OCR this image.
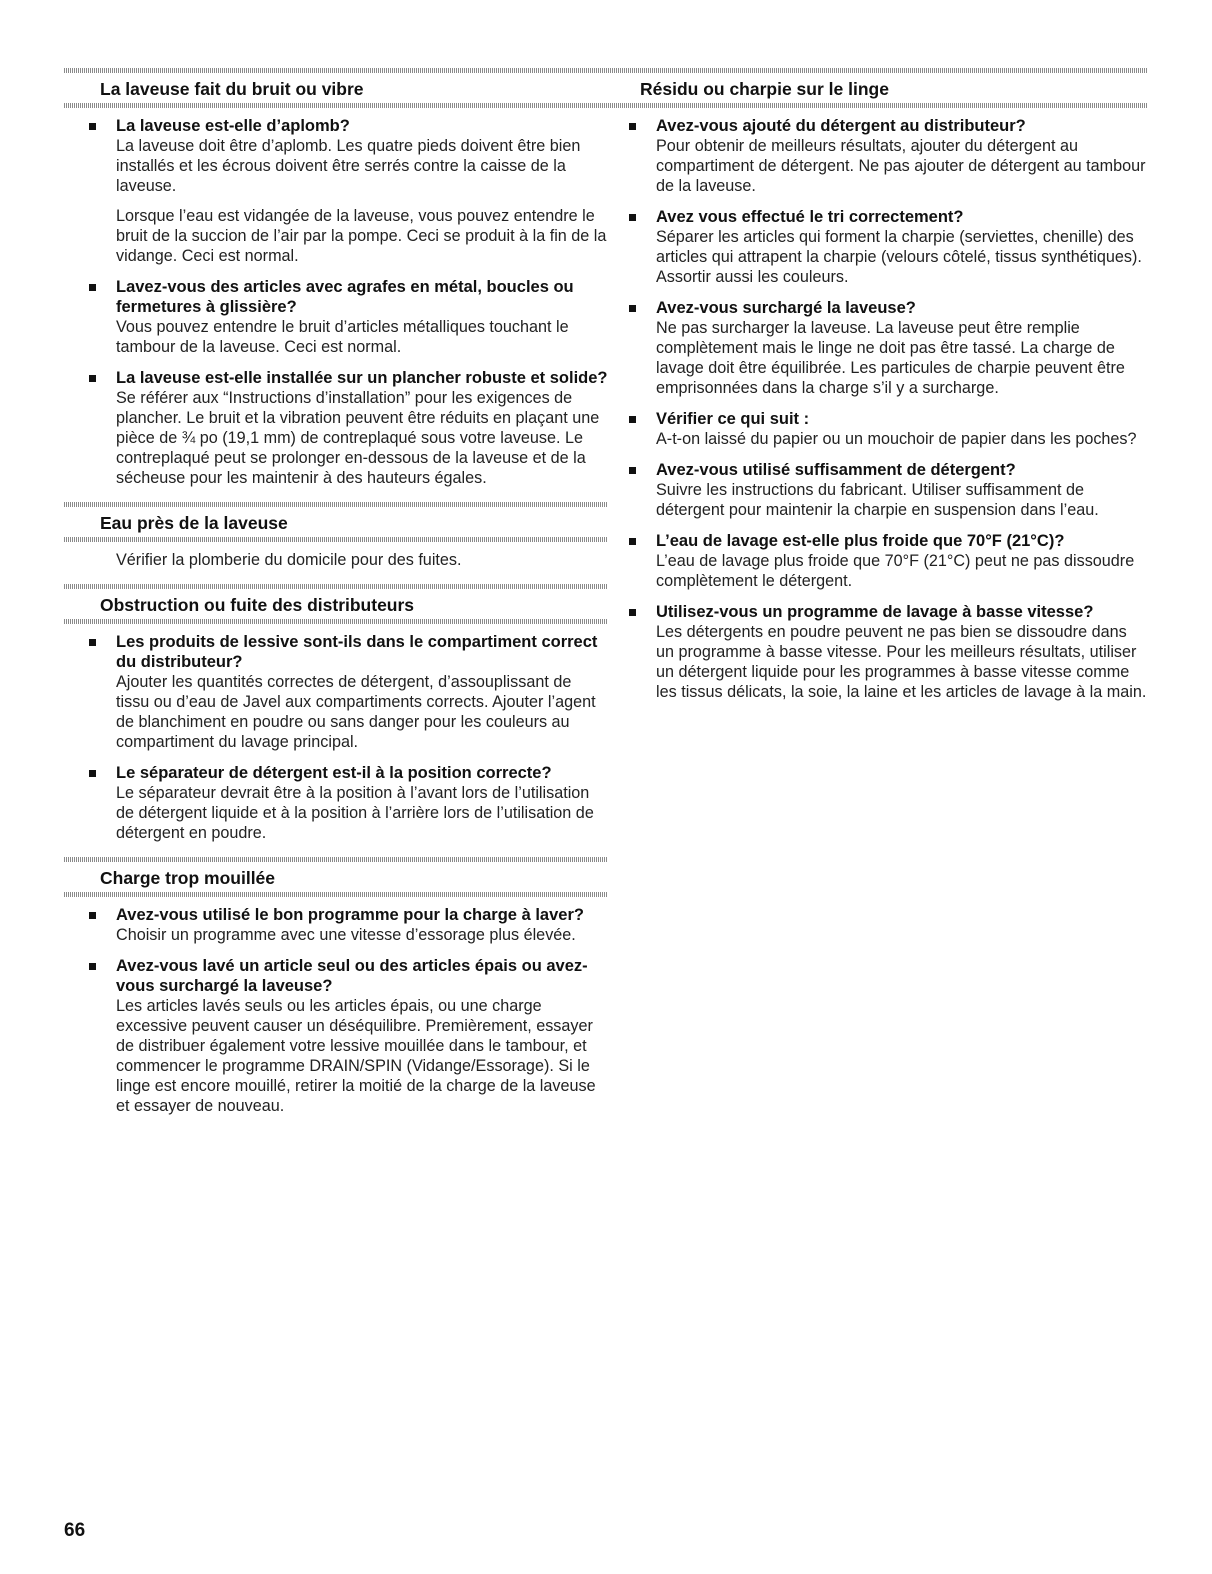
La laveuse fait du bruit ou vibre

La laveuse est-elle d’aplomb?

La laveuse doit être d’aplomb. Les quatre pieds doivent être bien installés et les écrous doivent être serrés contre la caisse de la laveuse.

Lorsque l’eau est vidangée de la laveuse, vous pouvez entendre le bruit de la succion de l’air par la pompe. Ceci se produit à la fin de la vidange. Ceci est normal.

Lavez-vous des articles avec agrafes en métal, boucles ou fermetures à glissière?

Vous pouvez entendre le bruit d’articles métalliques touchant le tambour de la laveuse. Ceci est normal.

La laveuse est-elle installée sur un plancher robuste et solide?

Se référer aux “Instructions d’installation” pour les exigences de plancher. Le bruit et la vibration peuvent être réduits en plaçant une pièce de ¾ po (19,1 mm) de contreplaqué sous votre laveuse. Le contreplaqué peut se prolonger en-dessous de la laveuse et de la sécheuse pour les maintenir à des hauteurs égales.

Eau près de la laveuse

Vérifier la plomberie du domicile pour des fuites.

Obstruction ou fuite des distributeurs

Les produits de lessive sont-ils dans le compartiment correct du distributeur?

Ajouter les quantités correctes de détergent, d’assouplissant de tissu ou d’eau de Javel aux compartiments corrects. Ajouter l’agent de blanchiment en poudre ou sans danger pour les couleurs au compartiment du lavage principal.

Le séparateur de détergent est-il à la position correcte?

Le séparateur devrait être à la position à l’avant lors de l’utilisation de détergent liquide et à la position à l’arrière lors de l’utilisation de détergent en poudre.

Charge trop mouillée

Avez-vous utilisé le bon programme pour la charge à laver?

Choisir un programme avec une vitesse d’essorage plus élevée.

Avez-vous lavé un article seul ou des articles épais ou avez-vous surchargé la laveuse?

Les articles lavés seuls ou les articles épais, ou une charge excessive peuvent causer un déséquilibre. Premièrement, essayer de distribuer également votre lessive mouillée dans le tambour, et commencer le programme DRAIN/SPIN (Vidange/Essorage). Si le linge est encore mouillé, retirer la moitié de la charge de la laveuse et essayer de nouveau.

Résidu ou charpie sur le linge

Avez-vous ajouté du détergent au distributeur?

Pour obtenir de meilleurs résultats, ajouter du détergent au compartiment de détergent. Ne pas ajouter de détergent au tambour de la laveuse.

Avez vous effectué le tri correctement?

Séparer les articles qui forment la charpie (serviettes, chenille) des articles qui attrapent la charpie (velours côtelé, tissus synthétiques). Assortir aussi les couleurs.

Avez-vous surchargé la laveuse?

Ne pas surcharger la laveuse. La laveuse peut être remplie complètement mais le linge ne doit pas être tassé. La charge de lavage doit être équilibrée. Les particules de charpie peuvent être emprisonnées dans la charge s’il y a surcharge.

Vérifier ce qui suit :

A-t-on laissé du papier ou un mouchoir de papier dans les poches?

Avez-vous utilisé suffisamment de détergent?

Suivre les instructions du fabricant. Utiliser suffisamment de détergent pour maintenir la charpie en suspension dans l’eau.

L’eau de lavage est-elle plus froide que 70°F (21°C)?

L’eau de lavage plus froide que 70°F (21°C) peut ne pas dissoudre complètement le détergent.

Utilisez-vous un programme de lavage à basse vitesse?

Les détergents en poudre peuvent ne pas bien se dissoudre dans un programme à basse vitesse. Pour les meilleurs résultats, utiliser un détergent liquide pour les programmes à basse vitesse comme les tissus délicats, la soie, la laine et les articles de lavage à la main.

66
